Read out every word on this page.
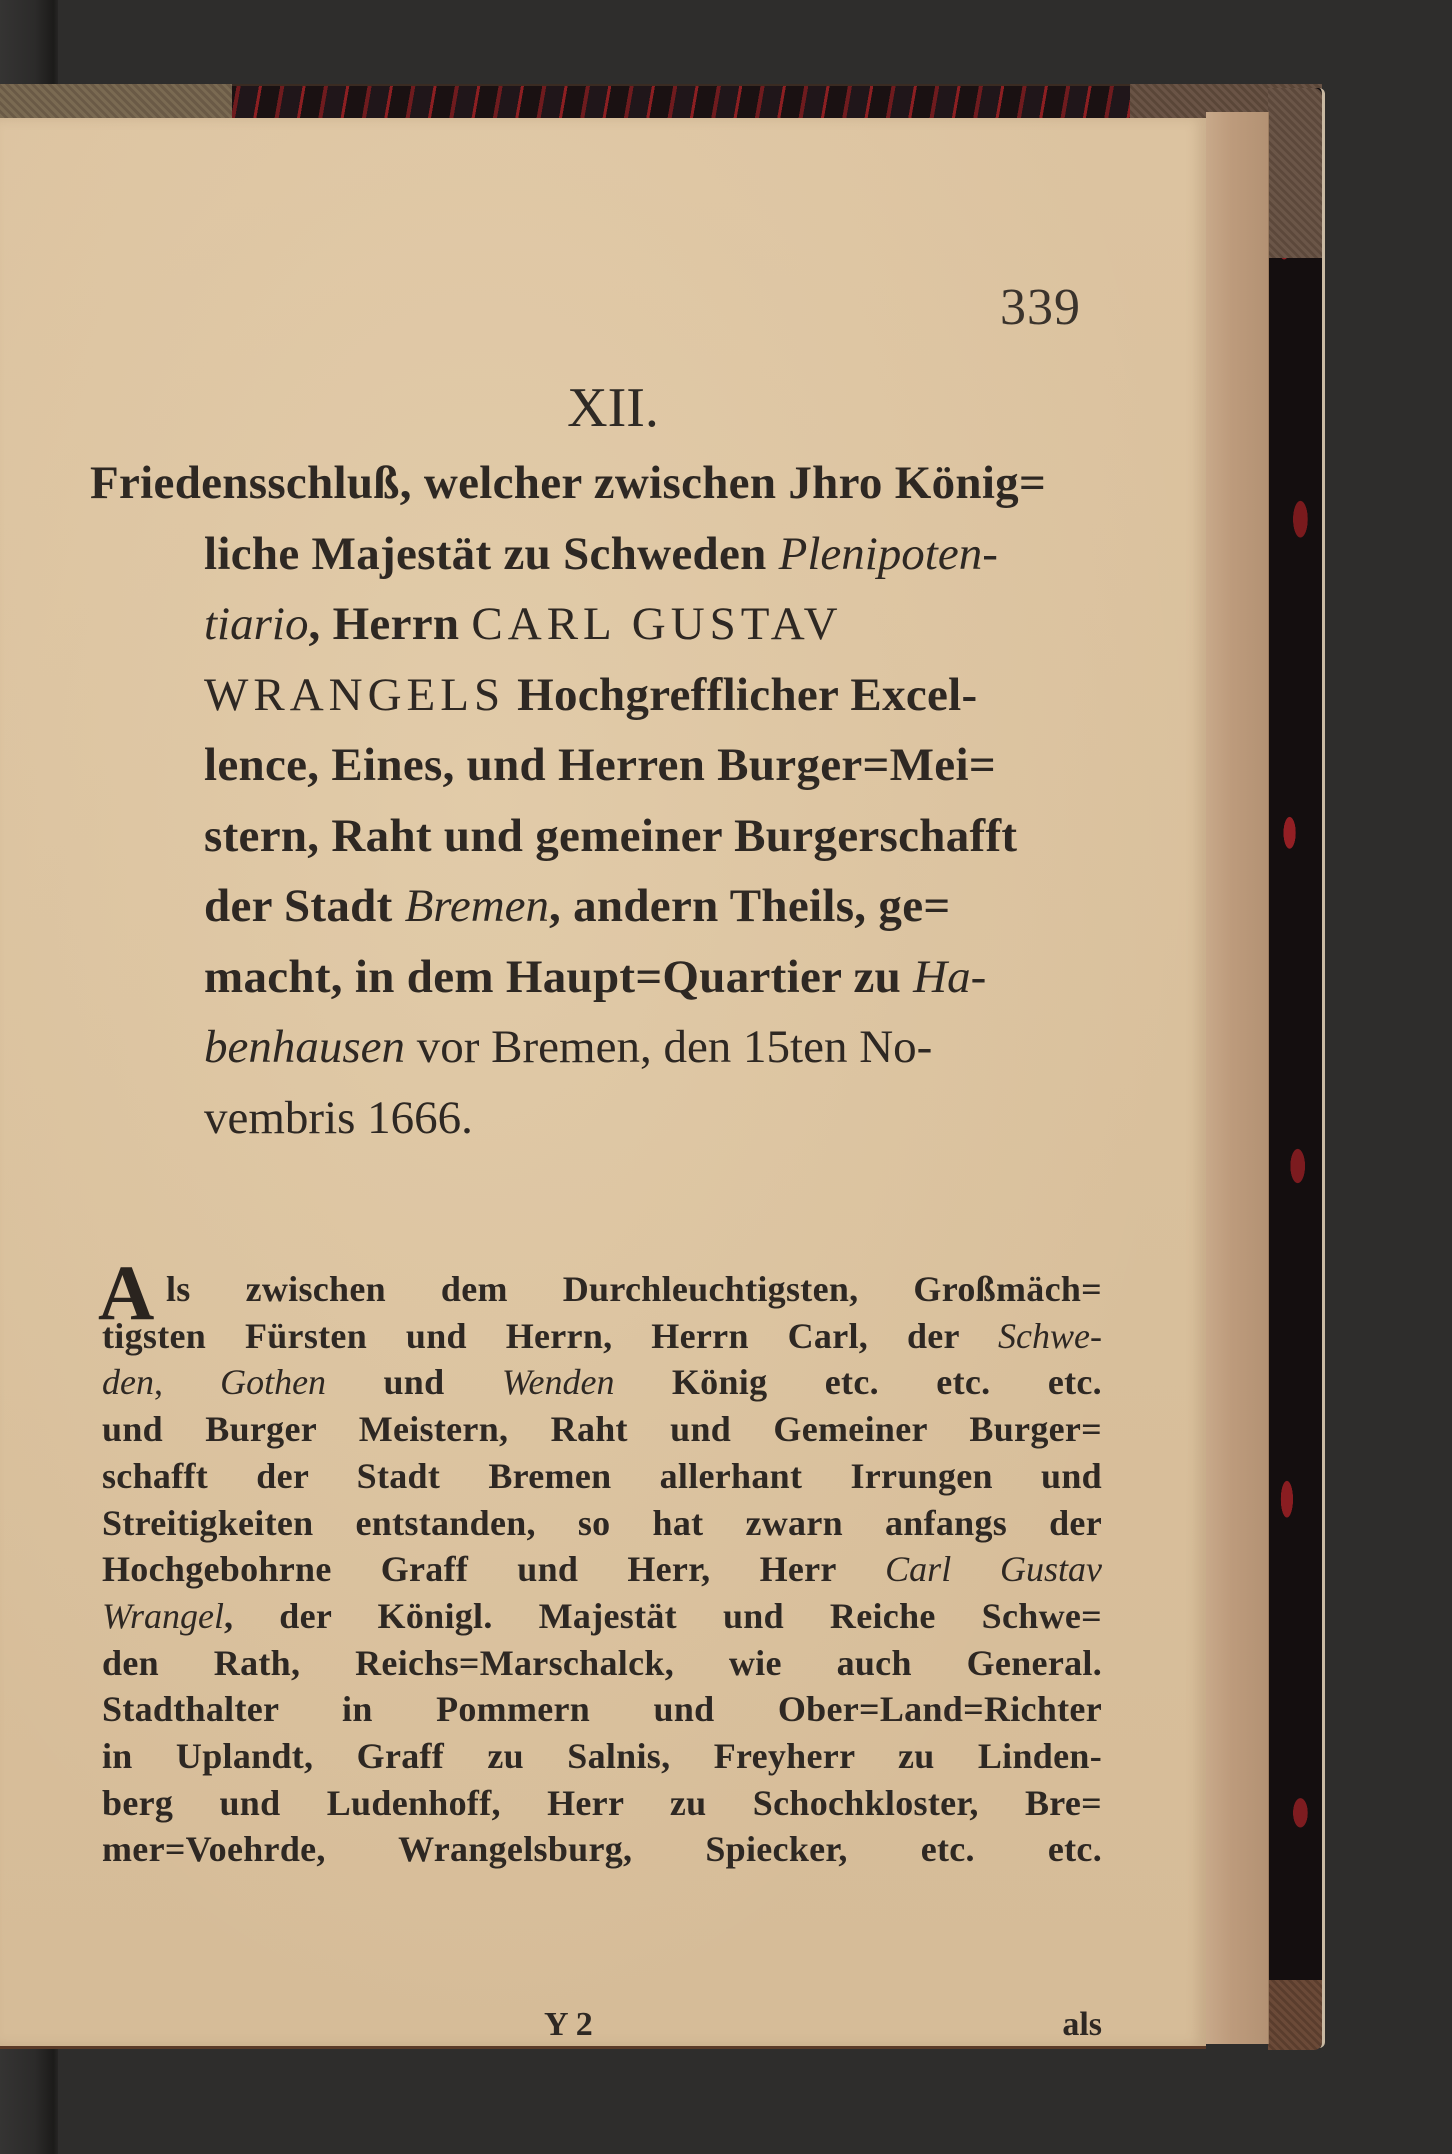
339
XII.
Friedensschluß, welcher zwischen Jhro König=
liche Majestät zu Schweden Plenipoten-
tiario, Herrn CARL GUSTAV
WRANGELS Hochgrefflicher Excel-
lence, Eines, und Herren Burger=Mei=
stern, Raht und gemeiner Burgerschafft
der Stadt Bremen, andern Theils, ge=
macht, in dem Haupt=Quartier zu Ha-
benhausen vor Bremen, den 15ten No-
vembris 1666.
A ls zwischen dem Durchleuchtigsten, Großmäch=
tigsten Fürsten und Herrn, Herrn Carl, der Schwe-
den, Gothen und Wenden König etc. etc. etc.
und Burger Meistern, Raht und Gemeiner Burger=
schafft der Stadt Bremen allerhant Irrungen und
Streitigkeiten entstanden, so hat zwarn anfangs der
Hochgebohrne Graff und Herr, Herr Carl Gustav
Wrangel, der Königl. Majestät und Reiche Schwe=
den Rath, Reichs=Marschalck, wie auch General.
Stadthalter in Pommern und Ober=Land=Richter
in Uplandt, Graff zu Salnis, Freyherr zu Linden-
berg und Ludenhoff, Herr zu Schochkloster, Bre=
mer=Voehrde, Wrangelsburg, Spiecker, etc. etc.
Y 2	als
